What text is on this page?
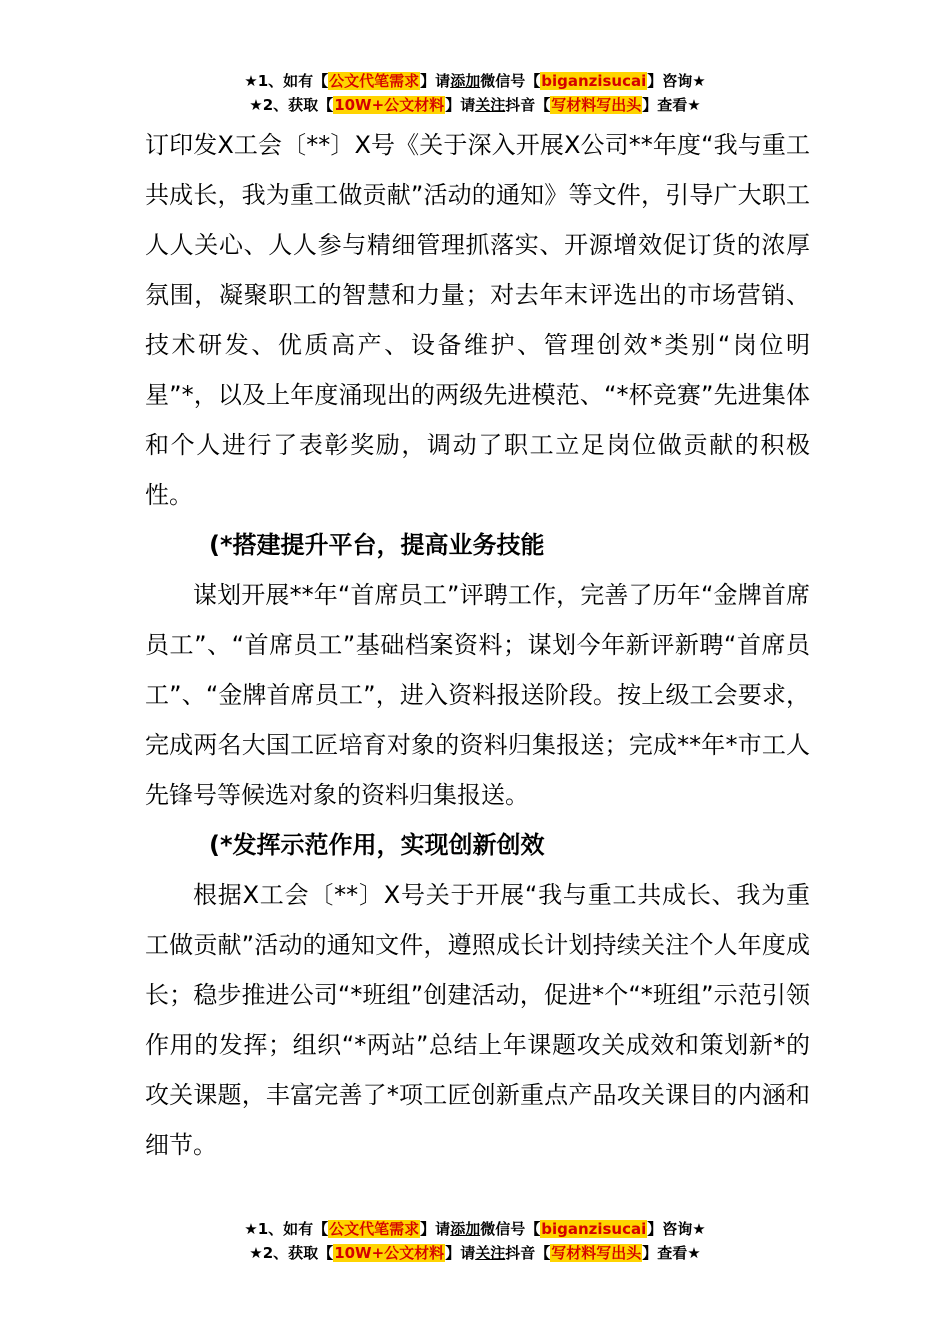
★1、如有【公文代笔需求】请添加微信号【biganzisucai】咨询★
★2、获取【10W+公文材料】请关注抖音【写材料写出头】查看★

订印发X工会〔**〕X号《关于深入开展X公司**年度“我与重工共成长，我为重工做贡献”活动的通知》等文件，引导广大职工人人关心、人人参与精细管理抓落实、开源增效促订货的浓厚氛围，凝聚职工的智慧和力量；对去年末评选出的市场营销、技术研发、优质高产、设备维护、管理创效*类别“岗位明星”*，以及上年度涌现出的两级先进模范、“*杯竞赛”先进集体和个人进行了表彰奖励，调动了职工立足岗位做贡献的积极性。

(*搭建提升平台，提高业务技能

谋划开展**年“首席员工”评聘工作，完善了历年“金牌首席员工”、“首席员工”基础档案资料；谋划今年新评新聘“首席员工”、“金牌首席员工”，进入资料报送阶段。按上级工会要求，完成两名大国工匠培育对象的资料归集报送；完成**年*市工人先锋号等候选对象的资料归集报送。

(*发挥示范作用，实现创新创效

根据X工会〔**〕X号关于开展“我与重工共成长、我为重工做贡献”活动的通知文件，遵照成长计划持续关注个人年度成长；稳步推进公司“*班组”创建活动，促进*个“*班组”示范引领作用的发挥；组织“*两站”总结上年课题攻关成效和策划新*的攻关课题，丰富完善了*项工匠创新重点产品攻关课目的内涵和细节。

★1、如有【公文代笔需求】请添加微信号【biganzisucai】咨询★
★2、获取【10W+公文材料】请关注抖音【写材料写出头】查看★
